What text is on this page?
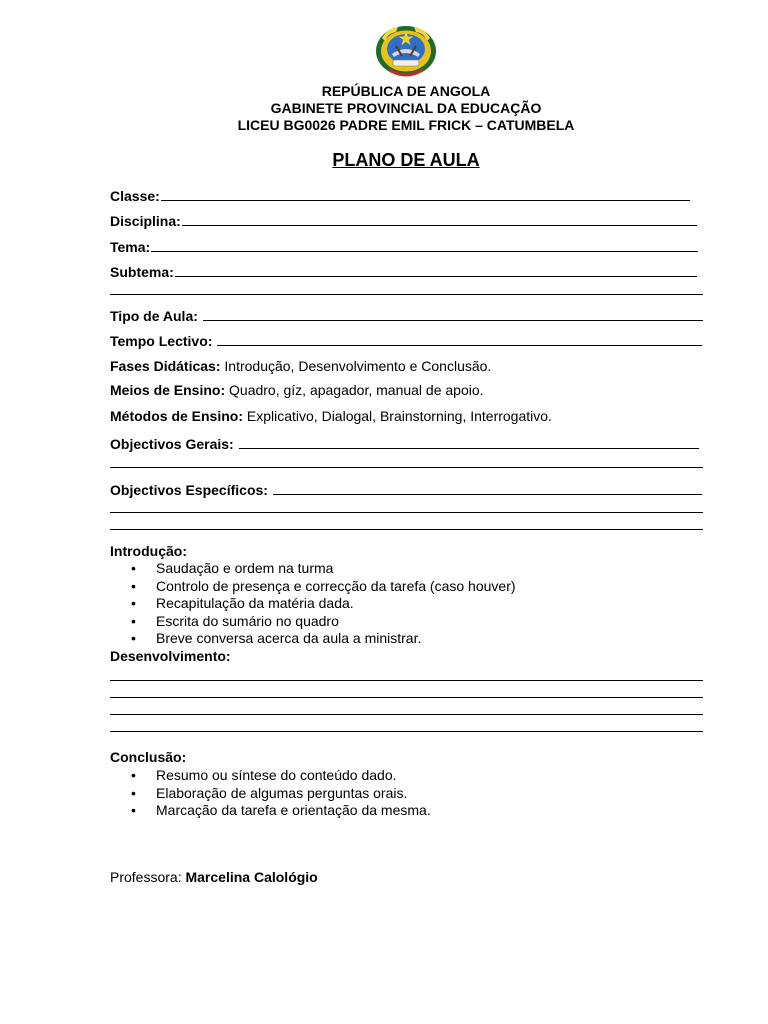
REPÚBLICA DE ANGOLA
GABINETE PROVINCIAL DA EDUCAÇÃO
LICEU BG0026 PADRE EMIL FRICK – CATUMBELA
PLANO DE AULA
Classe:
Disciplina:
Tema:
Subtema:
Tipo de Aula:
Tempo Lectivo:
Fases Didáticas: Introdução, Desenvolvimento e Conclusão.
Meios de Ensino: Quadro, gíz, apagador, manual de apoio.
Métodos de Ensino: Explicativo, Dialogal, Brainstorning, Interrogativo.
Objectivos Gerais:
Objectivos Específicos:
Introdução:
• Saudação e ordem na turma
• Controlo de presença e correcção da tarefa (caso houver)
• Recapitulação da matéria dada.
• Escrita do sumário no quadro
• Breve conversa acerca da aula a ministrar.
Desenvolvimento:
Conclusão:
• Resumo ou síntese do conteúdo dado.
• Elaboração de algumas perguntas orais.
• Marcação da tarefa e orientação da mesma.
Professora: Marcelina Calológio
